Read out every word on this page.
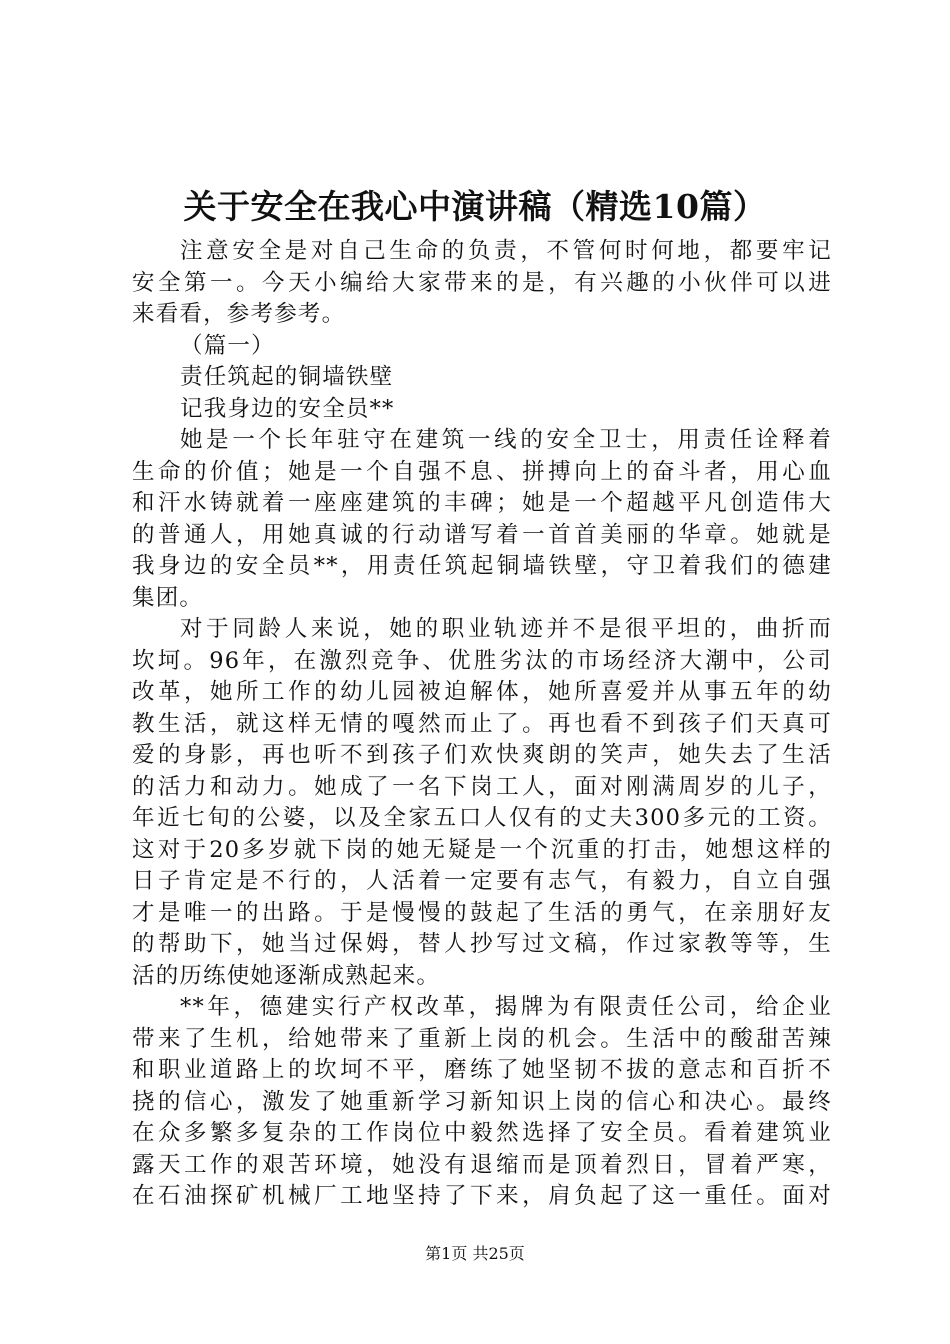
关于安全在我心中演讲稿（精选10篇）
注意安全是对自己生命的负责，不管何时何地，都要牢记
安全第一。今天小编给大家带来的是，有兴趣的小伙伴可以进
来看看，参考参考。
（篇一）
责任筑起的铜墙铁壁
记我身边的安全员**
她是一个长年驻守在建筑一线的安全卫士，用责任诠释着
生命的价值；她是一个自强不息、拼搏向上的奋斗者，用心血
和汗水铸就着一座座建筑的丰碑；她是一个超越平凡创造伟大
的普通人，用她真诚的行动谱写着一首首美丽的华章。她就是
我身边的安全员**，用责任筑起铜墙铁壁，守卫着我们的德建
集团。
对于同龄人来说，她的职业轨迹并不是很平坦的，曲折而
坎坷。96年，在激烈竞争、优胜劣汰的市场经济大潮中，公司
改革，她所工作的幼儿园被迫解体，她所喜爱并从事五年的幼
教生活，就这样无情的嘎然而止了。再也看不到孩子们天真可
爱的身影，再也听不到孩子们欢快爽朗的笑声，她失去了生活
的活力和动力。她成了一名下岗工人，面对刚满周岁的儿子，
年近七旬的公婆，以及全家五口人仅有的丈夫300多元的工资。
这对于20多岁就下岗的她无疑是一个沉重的打击，她想这样的
日子肯定是不行的，人活着一定要有志气，有毅力，自立自强
才是唯一的出路。于是慢慢的鼓起了生活的勇气，在亲朋好友
的帮助下，她当过保姆，替人抄写过文稿，作过家教等等，生
活的历练使她逐渐成熟起来。
**年，德建实行产权改革，揭牌为有限责任公司，给企业
带来了生机，给她带来了重新上岗的机会。生活中的酸甜苦辣
和职业道路上的坎坷不平，磨练了她坚韧不拔的意志和百折不
挠的信心，激发了她重新学习新知识上岗的信心和决心。最终
在众多繁多复杂的工作岗位中毅然选择了安全员。看着建筑业
露天工作的艰苦环境，她没有退缩而是顶着烈日，冒着严寒，
在石油探矿机械厂工地坚持了下来，肩负起了这一重任。面对
第1页 共25页
